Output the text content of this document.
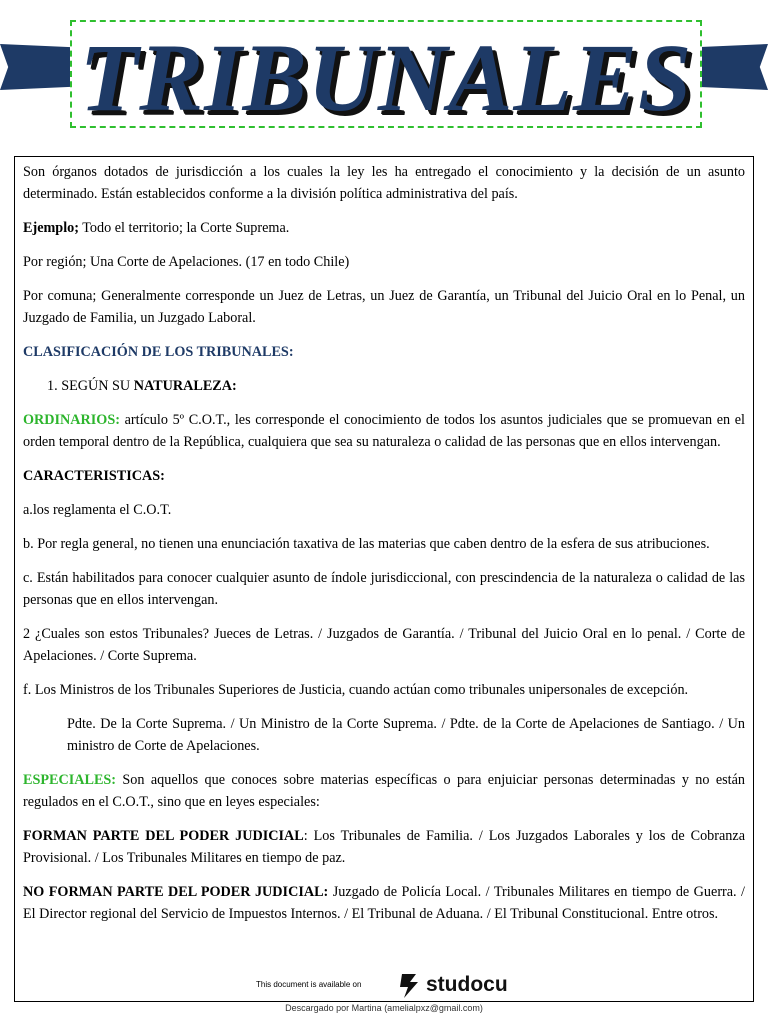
TRIBUNALES

Son órganos dotados de jurisdicción a los cuales la ley les ha entregado el conocimiento y la decisión de un asunto determinado. Están establecidos conforme a la división política administrativa del país.

Ejemplo; Todo el territorio; la Corte Suprema.

Por región; Una Corte de Apelaciones. (17 en todo Chile)

Por comuna; Generalmente corresponde un Juez de Letras, un Juez de Garantía, un Tribunal del Juicio Oral en lo Penal, un Juzgado de Familia, un Juzgado Laboral.

CLASIFICACIÓN DE LOS TRIBUNALES:

1. SEGÚN SU NATURALEZA:

ORDINARIOS: artículo 5º C.O.T., les corresponde el conocimiento de todos los asuntos judiciales que se promuevan en el orden temporal dentro de la República, cualquiera que sea su naturaleza o calidad de las personas que en ellos intervengan.

CARACTERISTICAS:

a.los reglamenta el C.O.T.

b. Por regla general, no tienen una enunciación taxativa de las materias que caben dentro de la esfera de sus atribuciones.

c. Están habilitados para conocer cualquier asunto de índole jurisdiccional, con prescindencia de la naturaleza o calidad de las personas que en ellos intervengan.

2 ¿Cuales son estos Tribunales? Jueces de Letras. / Juzgados de Garantía. / Tribunal del Juicio Oral en lo penal. / Corte de Apelaciones. / Corte Suprema.

f. Los Ministros de los Tribunales Superiores de Justicia, cuando actúan como tribunales unipersonales de excepción.

Pdte. De la Corte Suprema. / Un Ministro de la Corte Suprema. / Pdte. de la Corte de Apelaciones de Santiago. / Un ministro de Corte de Apelaciones.

ESPECIALES: Son aquellos que conoces sobre materias específicas o para enjuiciar personas determinadas y no están regulados en el C.O.T., sino que en leyes especiales:

FORMAN PARTE DEL PODER JUDICIAL: Los Tribunales de Familia. / Los Juzgados Laborales y los de Cobranza Provisional. / Los Tribunales Militares en tiempo de paz.

NO FORMAN PARTE DEL PODER JUDICIAL: Juzgado de Policía Local. / Tribunales Militares en tiempo de Guerra. / El Director regional del Servicio de Impuestos Internos. / El Tribunal de Aduana. / El Tribunal Constitucional. Entre otros.

This document is available on	studocu
Descargado por Martina (amelialpxz@gmail.com)
